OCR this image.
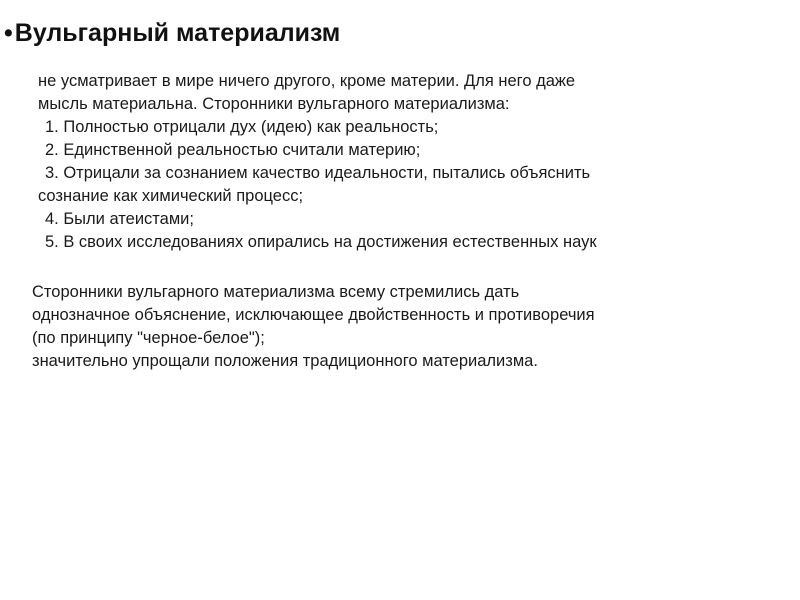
• Вульгарный материализм
не усматривает в мире ничего другого, кроме материи. Для него даже
мысль материальна. Сторонники вульгарного материализма:
1. Полностью отрицали дух (идею) как реальность;
2. Единственной реальностью считали материю;
3. Отрицали за сознанием качество идеальности, пытались объяснить
сознание как химический процесс;
4. Были атеистами;
5. В своих исследованиях опирались на достижения естественных наук
Сторонники вульгарного материализма всему стремились дать
однозначное объяснение, исключающее двойственность и противоречия
(по принципу "черное-белое");
значительно упрощали положения традиционного материализма.
